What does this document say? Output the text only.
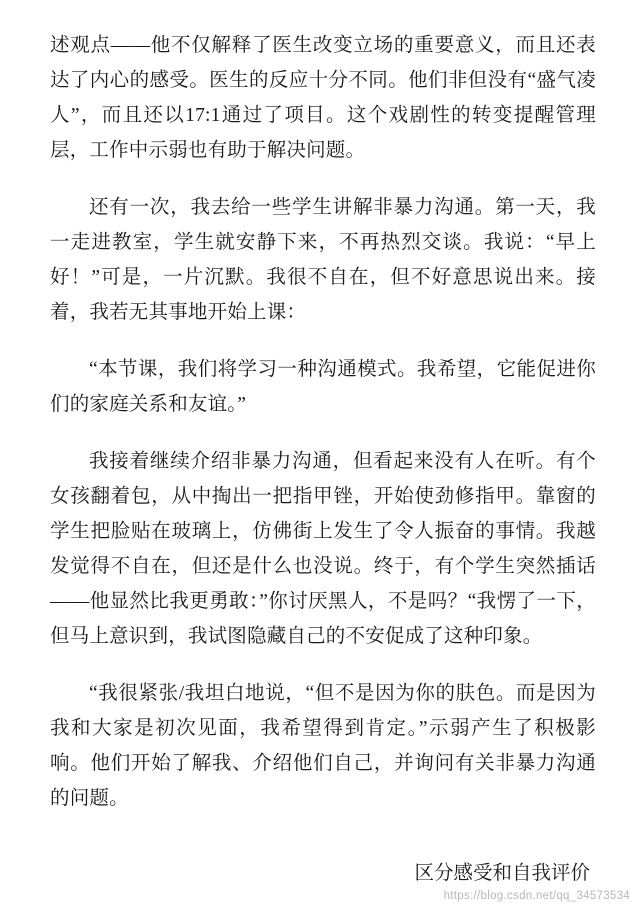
述观点——他不仅解释了医生改变立场的重要意义，而且还表达了内心的感受。医生的反应十分不同。他们非但没有“盛气凌人”，而且还以17:1通过了项目。这个戏剧性的转变提醒管理层，工作中示弱也有助于解决问题。

还有一次，我去给一些学生讲解非暴力沟通。第一天，我一走进教室，学生就安静下来，不再热烈交谈。我说：“早上好！”可是，一片沉默。我很不自在，但不好意思说出来。接着，我若无其事地开始上课：

“本节课，我们将学习一种沟通模式。我希望，它能促进你们的家庭关系和友谊。”

我接着继续介绍非暴力沟通，但看起来没有人在听。有个女孩翻着包，从中掏出一把指甲锉，开始使劲修指甲。靠窗的学生把脸贴在玻璃上，仿佛街上发生了令人振奋的事情。我越发觉得不自在，但还是什么也没说。终于，有个学生突然插话——他显然比我更勇敢：”你讨厌黑人，不是吗？“我愣了一下，但马上意识到，我试图隐藏自己的不安促成了这种印象。

“我很紧张/我坦白地说，“但不是因为你的肤色。而是因为我和大家是初次见面，我希望得到肯定。”示弱产生了积极影响。他们开始了解我、介绍他们自己，并询问有关非暴力沟通的问题。

区分感受和自我评价
https://blog.csdn.net/qq_34573534
